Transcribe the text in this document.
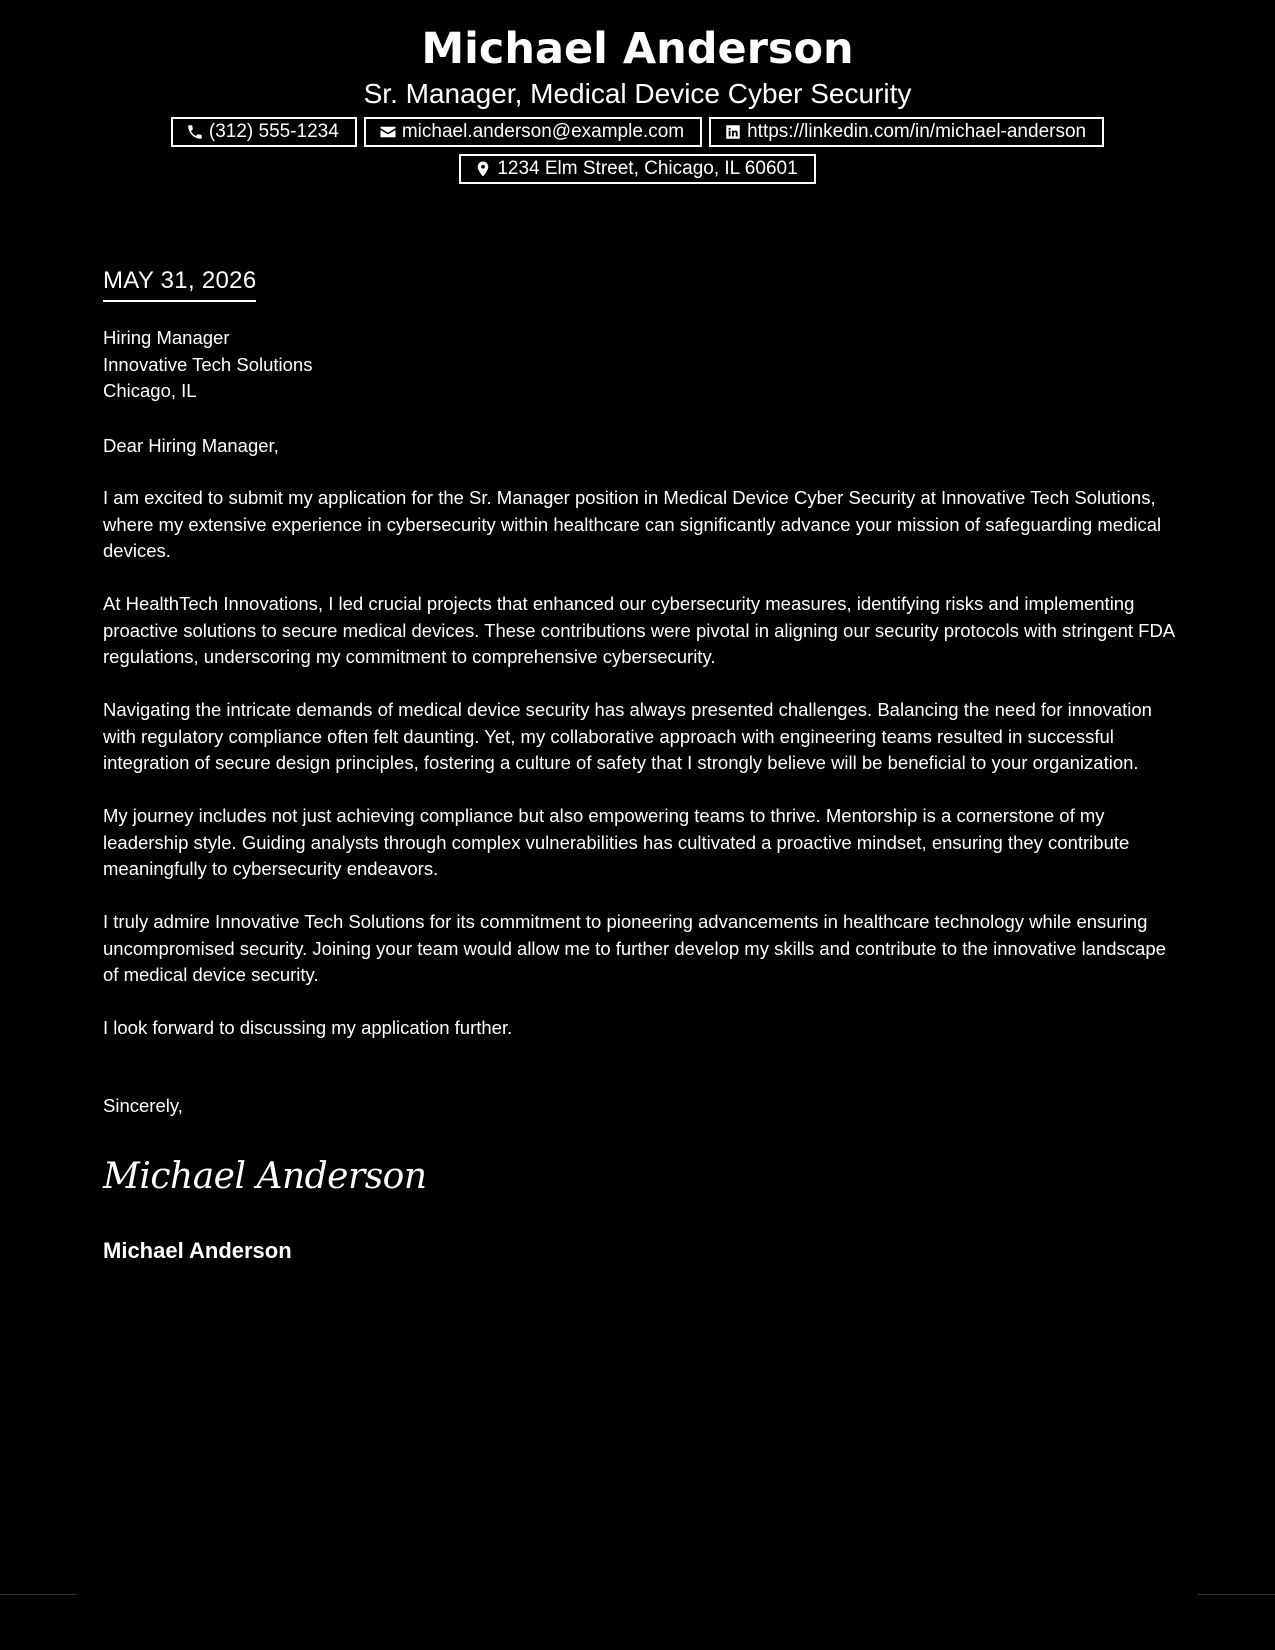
Michael Anderson
Sr. Manager, Medical Device Cyber Security
(312) 555-1234	michael.anderson@example.com	https://linkedin.com/in/michael-anderson
1234 Elm Street, Chicago, IL 60601
MAY 31, 2026
Hiring Manager
Innovative Tech Solutions
Chicago, IL
Dear Hiring Manager,

I am excited to submit my application for the Sr. Manager position in Medical Device Cyber Security at Innovative Tech Solutions, where my extensive experience in cybersecurity within healthcare can significantly advance your mission of safeguarding medical devices.

At HealthTech Innovations, I led crucial projects that enhanced our cybersecurity measures, identifying risks and implementing proactive solutions to secure medical devices. These contributions were pivotal in aligning our security protocols with stringent FDA regulations, underscoring my commitment to comprehensive cybersecurity.

Navigating the intricate demands of medical device security has always presented challenges. Balancing the need for innovation with regulatory compliance often felt daunting. Yet, my collaborative approach with engineering teams resulted in successful integration of secure design principles, fostering a culture of safety that I strongly believe will be beneficial to your organization.

My journey includes not just achieving compliance but also empowering teams to thrive. Mentorship is a cornerstone of my leadership style. Guiding analysts through complex vulnerabilities has cultivated a proactive mindset, ensuring they contribute meaningfully to cybersecurity endeavors.

I truly admire Innovative Tech Solutions for its commitment to pioneering advancements in healthcare technology while ensuring uncompromised security. Joining your team would allow me to further develop my skills and contribute to the innovative landscape of medical device security.

I look forward to discussing my application further.

Sincerely,
Michael Anderson
Michael Anderson
